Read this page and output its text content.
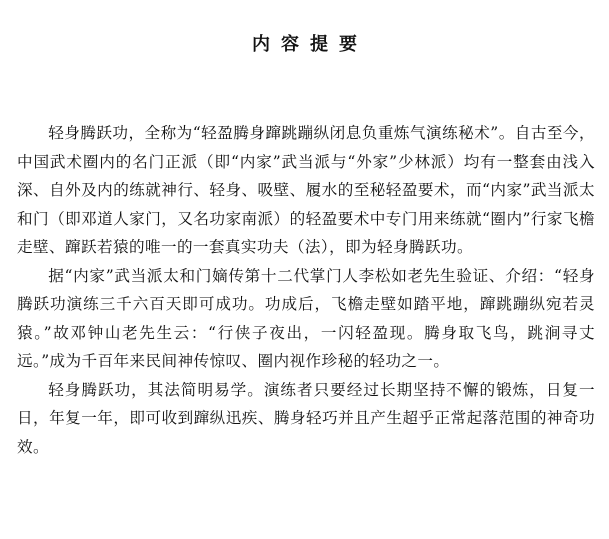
内容提要

轻身腾跃功，全称为“轻盈腾身蹿跳蹦纵闭息负重炼气演练秘术”。自古至今，中国武术圈内的名门正派（即“内家”武当派与“外家”少林派）均有一整套由浅入深、自外及内的练就神行、轻身、吸壁、履水的至秘轻盈要术，而“内家”武当派太和门（即邓道人家门，又名功家南派）的轻盈要术中专门用来练就“圈内”行家飞檐走壁、蹿跃若猿的唯一的一套真实功夫（法），即为轻身腾跃功。

据“内家”武当派太和门嫡传第十二代掌门人李松如老先生验证、介绍：“轻身腾跃功演练三千六百天即可成功。功成后，飞檐走壁如踏平地，蹿跳蹦纵宛若灵猿。”故邓钟山老先生云：“行侠子夜出，一闪轻盈现。腾身取飞鸟，跳涧寻丈远。”成为千百年来民间神传惊叹、圈内视作珍秘的轻功之一。

轻身腾跃功，其法简明易学。演练者只要经过长期坚持不懈的锻炼，日复一日，年复一年，即可收到蹿纵迅疾、腾身轻巧并且产生超乎正常起落范围的神奇功效。
